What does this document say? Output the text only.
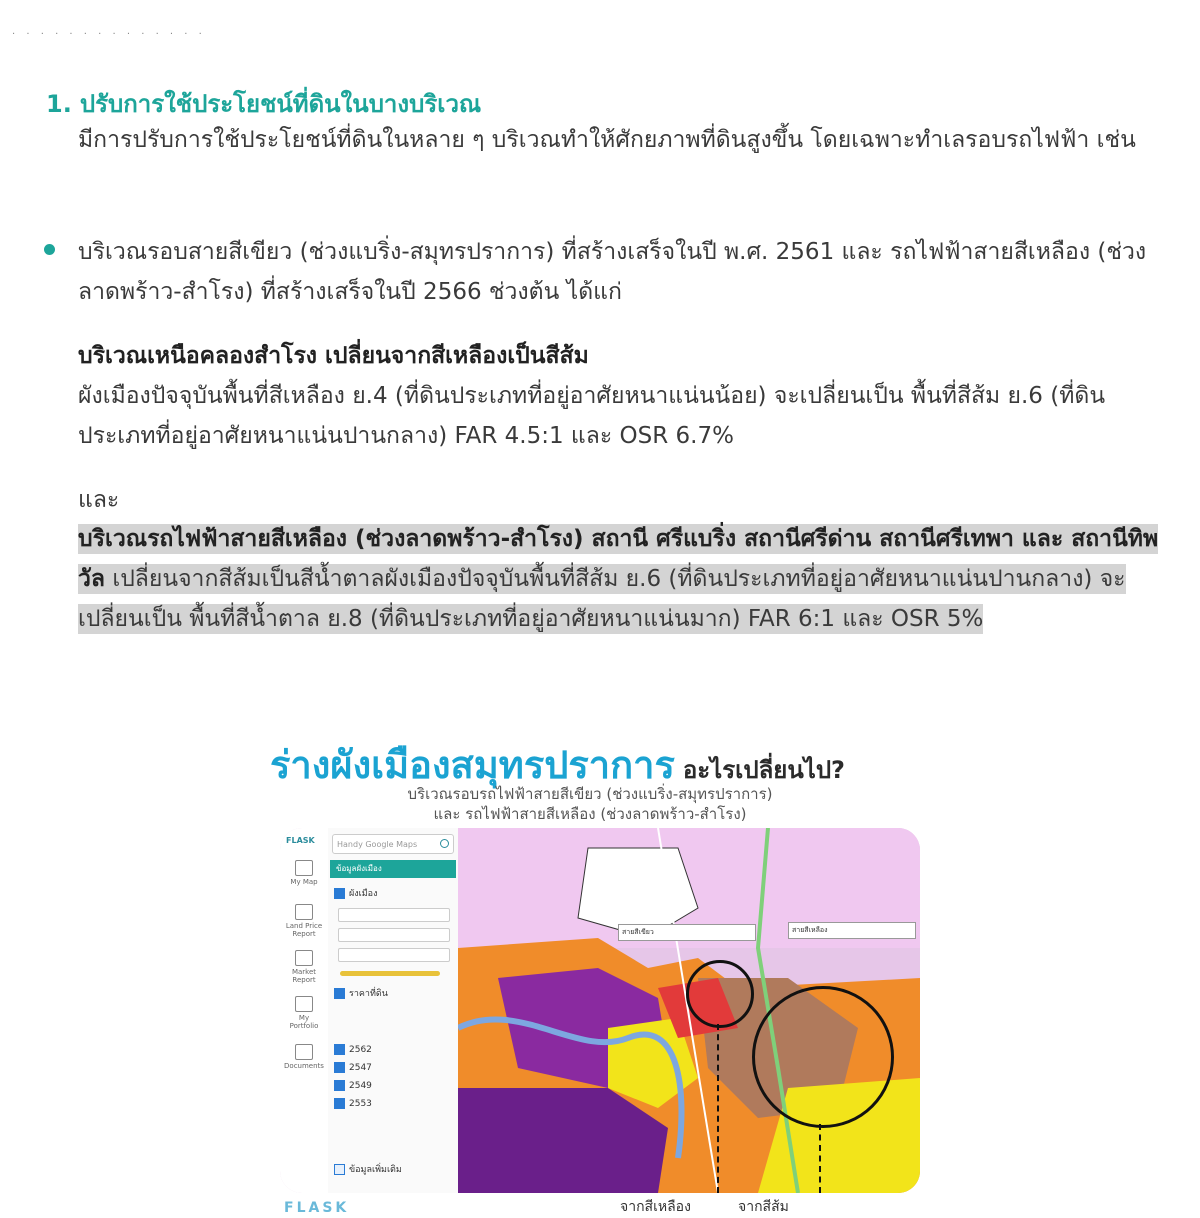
. . . . . . . . . . . . . .
1. ปรับการใช้ประโยชน์ที่ดินในบางบริเวณ
มีการปรับการใช้ประโยชน์ที่ดินในหลาย ๆ บริเวณทำให้ศักยภาพที่ดินสูงขึ้น โดยเฉพาะทำเลรอบรถไฟฟ้า เช่น
บริเวณรอบสายสีเขียว (ช่วงแบริ่ง-สมุทรปราการ) ที่สร้างเสร็จในปี พ.ศ. 2561 และ รถไฟฟ้าสายสีเหลือง (ช่วงลาดพร้าว-สำโรง) ที่สร้างเสร็จในปี 2566 ช่วงต้น ได้แก่
บริเวณเหนือคลองสำโรง เปลี่ยนจากสีเหลืองเป็นสีส้ม
ผังเมืองปัจจุบันพื้นที่สีเหลือง ย.4 (ที่ดินประเภทที่อยู่อาศัยหนาแน่นน้อย) จะเปลี่ยนเป็น พื้นที่สีส้ม ย.6 (ที่ดินประเภทที่อยู่อาศัยหนาแน่นปานกลาง) FAR 4.5:1 และ OSR 6.7%
และ
บริเวณรถไฟฟ้าสายสีเหลือง (ช่วงลาดพร้าว-สำโรง) สถานี ศรีแบริ่ง สถานีศรีด่าน สถานีศรีเทพา และ สถานีทิพวัล เปลี่ยนจากสีส้มเป็นสีน้ำตาลผังเมืองปัจจุบันพื้นที่สีส้ม ย.6 (ที่ดินประเภทที่อยู่อาศัยหนาแน่นปานกลาง) จะเปลี่ยนเป็น พื้นที่สีน้ำตาล ย.8 (ที่ดินประเภทที่อยู่อาศัยหนาแน่นมาก) FAR 6:1 และ OSR 5%
ร่างผังเมืองสมุทรปราการ อะไรเปลี่ยนไป?
บริเวณรอบรถไฟฟ้าสายสีเขียว (ช่วงแบริ่ง-สมุทรปราการ)
และ รถไฟฟ้าสายสีเหลือง (ช่วงลาดพร้าว-สำโรง)
FLASK
My Map
Land Price Report
Market Report
My Portfolio
Documents
Handy Google Maps
ข้อมูลผังเมือง
ผังเมือง
ราคาที่ดิน
2562
2547
2549
2553
ข้อมูลเพิ่มเติม
สายสีเขียว	สายสีเหลือง
จากสีเหลือง	จากสีส้ม
FLASK
